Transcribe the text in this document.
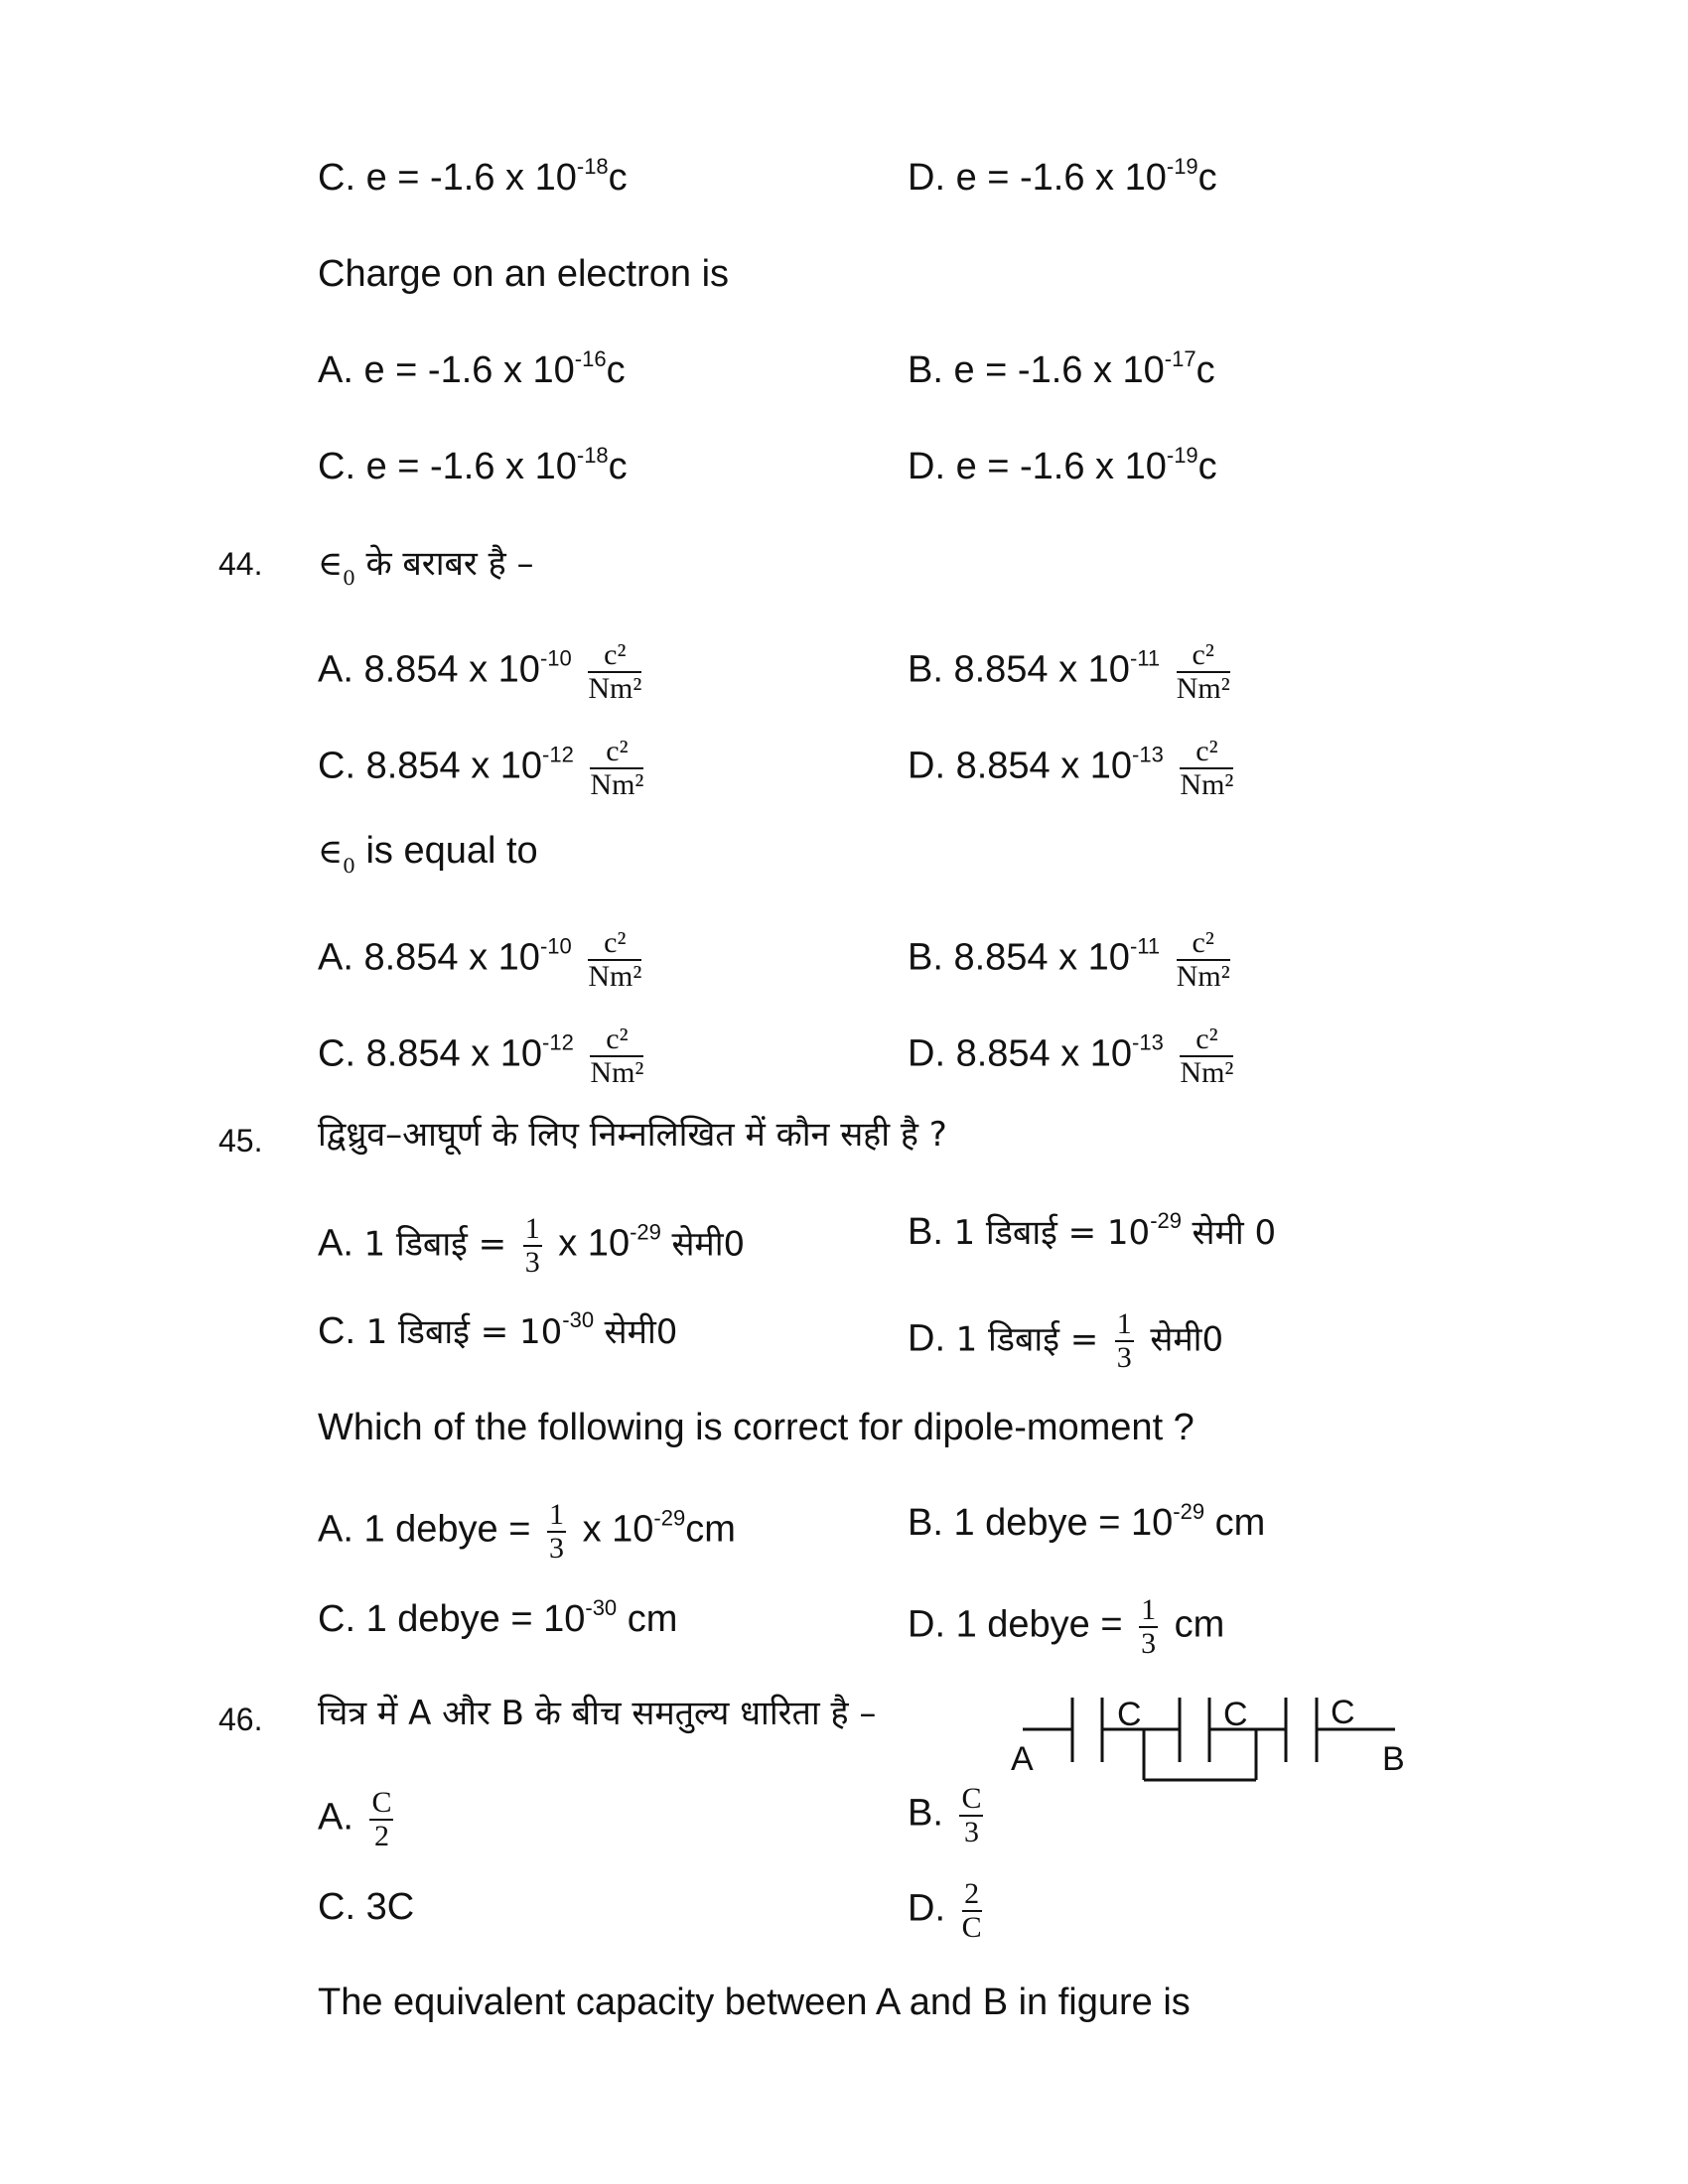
C. e = -1.6 x $10^{-18}c$	D. e = -1.6 x $10^{-19}c$
Charge on an electron is
A. e = -1.6 x $10^{-16}c$	B. e = -1.6 x $10^{-17}c$
C. e = -1.6 x $10^{-18}c$	D. e = -1.6 x $10^{-19}c$
44. $\in_0$ के बराबर है –
A. 8.854 x $10^{-10} \frac{\text{c²}}{\text{Nm²}}$	B. 8.854 x $10^{-11} \frac{\text{c²}}{\text{Nm²}}$
C. 8.854 x $10^{-12} \frac{\text{c²}}{\text{Nm²}}$	D. 8.854 x $10^{-13} \frac{\text{c²}}{\text{Nm²}}$
$\in_0$ is equal to
A. 8.854 x $10^{-10} \frac{\text{c²}}{\text{Nm²}}$	B. 8.854 x $10^{-11} \frac{\text{c²}}{\text{Nm²}}$
C. 8.854 x $10^{-12} \frac{\text{c²}}{\text{Nm²}}$	D. 8.854 x $10^{-13} \frac{\text{c²}}{\text{Nm²}}$
45. द्विध्रुव–आघूर्ण के लिए निम्नलिखित में कौन सही है ?
A. 1 डिबाई = $\frac{1}{3}$ x $10^{-29}$ सेमी0	B. 1 डिबाई = $10^{-29}$ सेमी 0
C. 1 डिबाई = $10^{-30}$ सेमी0	D. 1 डिबाई = $\frac{1}{3}$ सेमी0
Which of the following is correct for dipole-moment ?
A. 1 debye = $\frac{1}{3}$ x $10^{-29}cm$	B. 1 debye = $10^{-29}$ cm
C. 1 debye = $10^{-30}$ cm	D. 1 debye = $\frac{1}{3}$ cm
46. चित्र में A और B के बीच समतुल्य धारिता है –
A	B
C C C
A. $\frac{C}{2}$	B. $\frac{C}{3}$
C. 3C	D. $\frac{2}{C}$
The equivalent capacity between A and B in figure is
